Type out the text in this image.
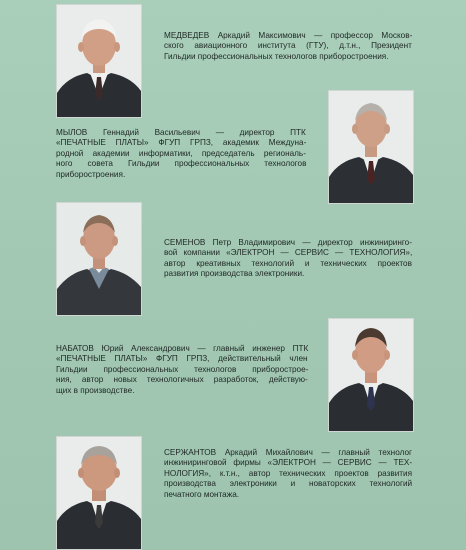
МЕДВЕДЕВ Аркадий Максимович — профессор Москов-
ского авиационного института (ГТУ), д.т.н., Президент
Гильдии профессиональных технологов приборостроения.
МЫЛОВ Геннадий Васильевич — директор ПТК
«ПЕЧАТНЫЕ ПЛАТЫ» ФГУП ГРПЗ, академик Междуна-
родной академии информатики, председатель региональ-
ного совета Гильдии профессиональных технологов
приборостроения.
СЕМЕНОВ Петр Владимирович — директор инжиниринго-
вой компании «ЭЛЕКТРОН — СЕРВИС — ТЕХНОЛОГИЯ»,
автор креативных технологий и технических проектов
развития производства электроники.
НАБАТОВ Юрий Александрович — главный инженер ПТК
«ПЕЧАТНЫЕ ПЛАТЫ» ФГУП ГРПЗ, действительный член
Гильдии профессиональных технологов приборострое-
ния, автор новых технологичных разработок, действую-
щих в производстве.
СЕРЖАНТОВ Аркадий Михайлович — главный технолог
инжиниринговой фирмы «ЭЛЕКТРОН — СЕРВИС — ТЕХ-
НОЛОГИЯ», к.т.н., автор технических проектов развития
производства электроники и новаторских технологий
печатного монтажа.
